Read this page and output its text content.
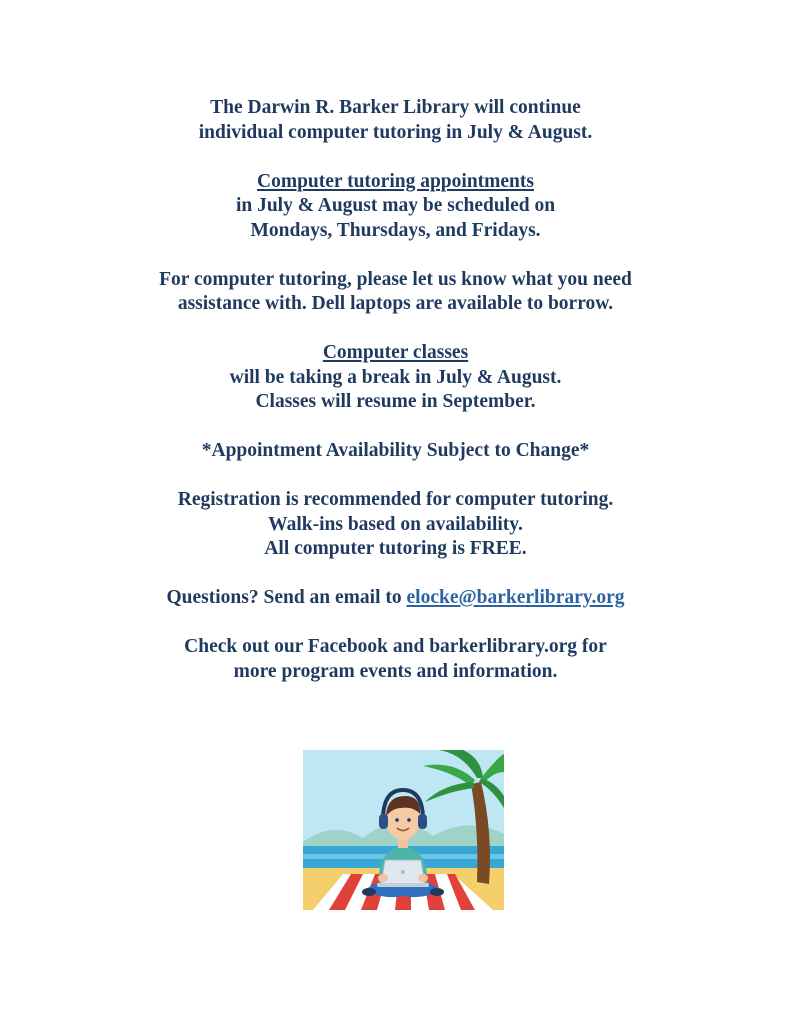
The Darwin R. Barker Library will continue
individual computer tutoring in July & August.

Computer tutoring appointments
in July & August may be scheduled on
Mondays, Thursdays, and Fridays.

For computer tutoring, please let us know what you need
assistance with. Dell laptops are available to borrow.

Computer classes
will be taking a break in July & August.
Classes will resume in September.

*Appointment Availability Subject to Change*

Registration is recommended for computer tutoring.
Walk-ins based on availability.
All computer tutoring is FREE.

Questions? Send an email to elocke@barkerlibrary.org

Check out our Facebook and barkerlibrary.org for
more program events and information.
